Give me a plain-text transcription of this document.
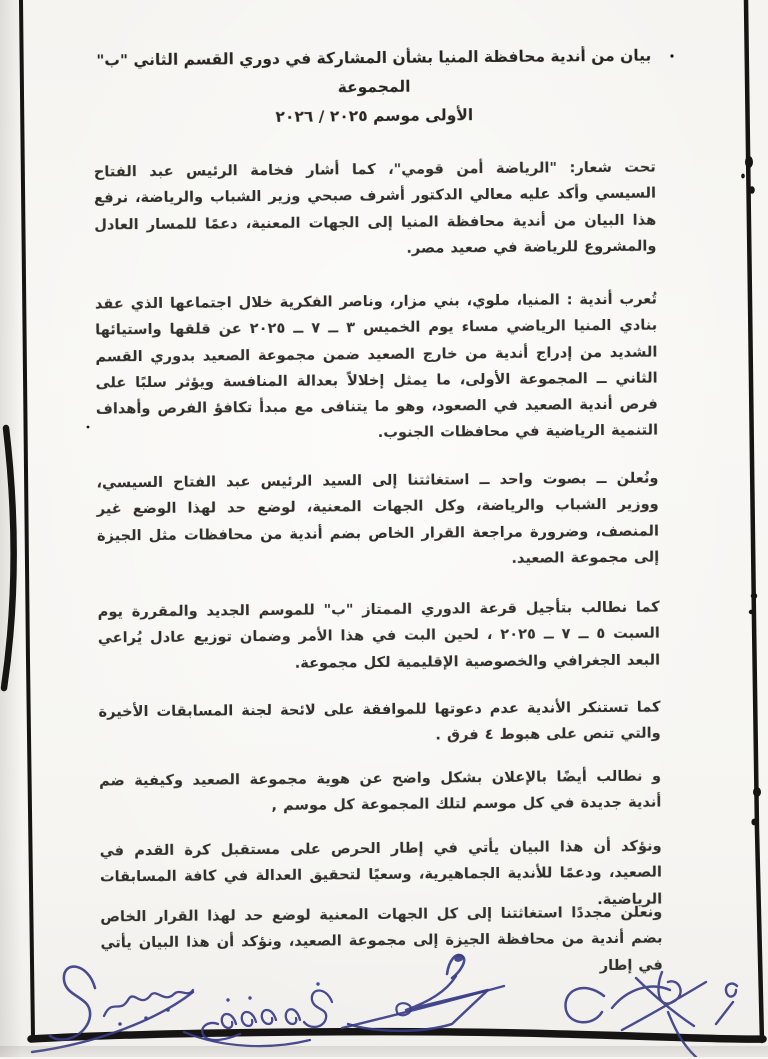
بيان من أندية محافظة المنيا بشأن المشاركة في دوري القسم الثاني "ب" المجموعة
الأولى موسم ٢٠٢٥ / ٢٠٢٦

تحت شعار: "الرياضة أمن قومي"، كما أشار فخامة الرئيس عبد الفتاح السيسي وأكد عليه معالي الدكتور أشرف صبحي وزير الشباب والرياضة، نرفع هذا البيان من أندية محافظة المنيا إلى الجهات المعنية، دعمًا للمسار العادل والمشروع للرياضة في صعيد مصر.

تُعرب أندية : المنيا، ملوي، بني مزار، وناصر الفكرية خلال اجتماعها الذي عقد بنادي المنيا الرياضي مساء يوم الخميس ٣ ــ ٧ ــ ٢٠٢٥ عن قلقها واستيائها الشديد من إدراج أندية من خارج الصعيد ضمن مجموعة الصعيد بدوري القسم الثاني ــ المجموعة الأولى، ما يمثل إخلالاً بعدالة المنافسة ويؤثر سلبًا على فرص أندية الصعيد في الصعود، وهو ما يتنافى مع مبدأ تكافؤ الفرص وأهداف التنمية الرياضية في محافظات الجنوب.

ونُعلن ــ بصوت واحد ــ استغاثتنا إلى السيد الرئيس عبد الفتاح السيسي، ووزير الشباب والرياضة، وكل الجهات المعنية، لوضع حد لهذا الوضع غير المنصف، وضرورة مراجعة القرار الخاص بضم أندية من محافظات مثل الجيزة إلى مجموعة الصعيد.

كما نطالب بتأجيل قرعة الدوري الممتاز "ب" للموسم الجديد والمقررة يوم السبت ٥ ــ ٧ ــ ٢٠٢٥ ، لحين البت في هذا الأمر وضمان توزيع عادل يُراعي البعد الجغرافي والخصوصية الإقليمية لكل مجموعة.

كما تستنكر الأندية عدم دعوتها للموافقة على لائحة لجنة المسابقات الأخيرة والتي تنص على هبوط ٤ فرق .

و نطالب أيضًا بالإعلان بشكل واضح عن هوية مجموعة الصعيد وكيفية ضم أندية جديدة في كل موسم لتلك المجموعة كل موسم ,

ونؤكد أن هذا البيان يأتي في إطار الحرص على مستقبل كرة القدم في الصعيد، ودعمًا للأندية الجماهيرية، وسعيًا لتحقيق العدالة في كافة المسابقات الرياضية.

ونعلن مجددًا استغاثتنا إلى كل الجهات المعنية لوضع حد لهذا القرار الخاص بضم أندية من محافظة الجيزة إلى مجموعة الصعيد، ونؤكد أن هذا البيان يأتي في إطار
